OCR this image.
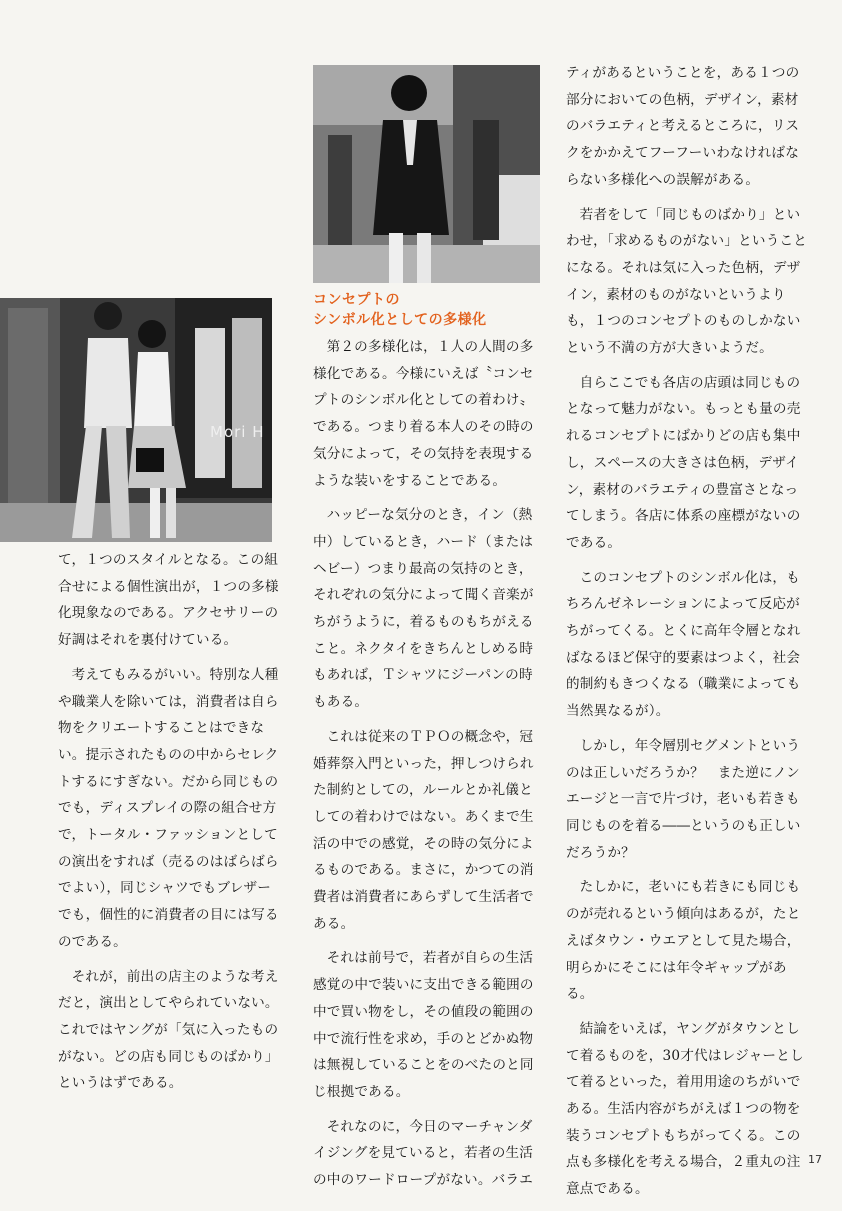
Mori H
コンセプトの
シンボル化としての多様化

て，１つのスタイルとなる。この組合せによる個性演出が，１つの多様化現象なのである。アクセサリーの好調はそれを裏付けている。

考えてもみるがいい。特別な人種や職業人を除いては，消費者は自ら物をクリエートすることはできない。提示されたものの中からセレクトするにすぎない。だから同じものでも，ディスプレイの際の組合せ方で，トータル・ファッションとしての演出をすれば（売るのはばらばらでよい），同じシャツでもブレザーでも，個性的に消費者の目には写るのである。

それが，前出の店主のような考えだと，演出としてやられていない。これではヤングが「気に入ったものがない。どの店も同じものばかり」というはずである。

第２の多様化は，１人の人間の多様化である。今様にいえば〝コンセプトのシンボル化としての着わけ〟である。つまり着る本人のその時の気分によって，その気持を表現するような装いをすることである。

ハッピーな気分のとき，イン（熱中）しているとき，ハード（またはヘビー）つまり最高の気持のとき，それぞれの気分によって聞く音楽がちがうように，着るものもちがえること。ネクタイをきちんとしめる時もあれば，Ｔシャツにジーパンの時もある。

これは従来のＴＰＯの概念や，冠婚葬祭入門といった，押しつけられた制約としての，ルールとか礼儀としての着わけではない。あくまで生活の中での感覚，その時の気分によるものである。まさに，かつての消費者は消費者にあらずして生活者である。

それは前号で，若者が自らの生活感覚の中で装いに支出できる範囲の中で買い物をし，その値段の範囲の中で流行性を求め，手のとどかぬ物は無視していることをのべたのと同じ根拠である。

それなのに，今日のマーチャンダイジングを見ていると，若者の生活の中のワードロープがない。バラエ

ティがあるということを，ある１つの部分においての色柄，デザイン，素材のバラエティと考えるところに，リスクをかかえてフーフーいわなければならない多様化への誤解がある。

若者をして「同じものばかり」といわせ，「求めるものがない」ということになる。それは気に入った色柄，デザイン，素材のものがないというよりも，１つのコンセプトのものしかないという不満の方が大きいようだ。

自らここでも各店の店頭は同じものとなって魅力がない。もっとも量の売れるコンセプトにばかりどの店も集中し，スペースの大きさは色柄，デザイン，素材のバラエティの豊富さとなってしまう。各店に体系の座標がないのである。

このコンセプトのシンボル化は，もちろんゼネレーションによって反応がちがってくる。とくに高年令層となればなるほど保守的要素はつよく，社会的制約もきつくなる（職業によっても当然異なるが）。

しかし，年令層別セグメントというのは正しいだろうか？　また逆にノンエージと一言で片づけ，老いも若きも同じものを着る――というのも正しいだろうか？

たしかに，老いにも若きにも同じものが売れるという傾向はあるが，たとえばタウン・ウエアとして見た場合，明らかにそこには年令ギャップがある。

結論をいえば，ヤングがタウンとして着るものを，30才代はレジャーとして着るといった，着用用途のちがいである。生活内容がちがえば１つの物を装うコンセプトもちがってくる。この点も多様化を考える場合，２重丸の注意点である。

17
